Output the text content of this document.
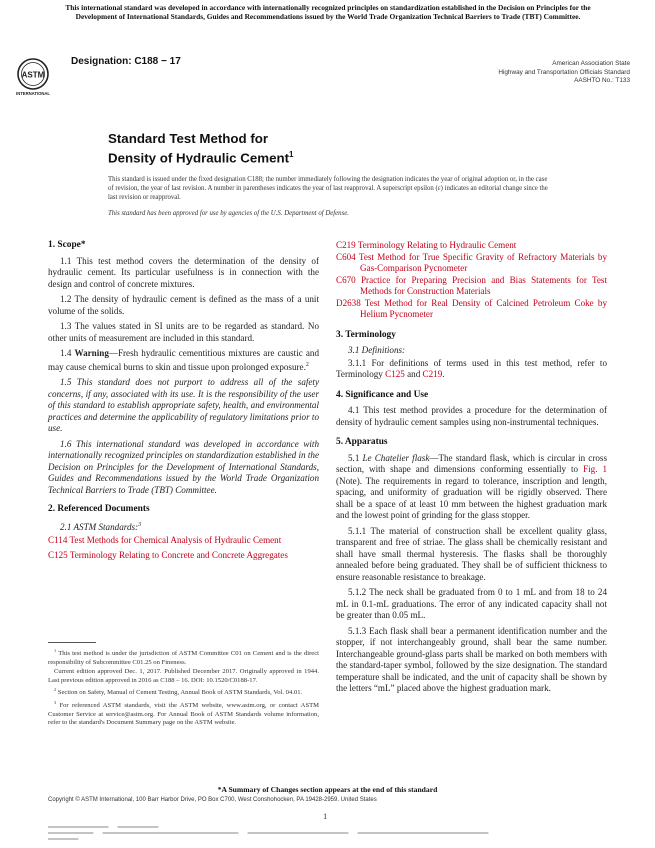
This international standard was developed in accordance with internationally recognized principles on standardization established in the Decision on Principles for the Development of International Standards, Guides and Recommendations issued by the World Trade Organization Technical Barriers to Trade (TBT) Committee.
ASTM
INTERNATIONAL
Designation: C188 − 17	American Association State
Highway and Transportation Officials Standard
AASHTO No.: T133
Standard Test Method for
Density of Hydraulic Cement$^1$
This standard is issued under the fixed designation C188; the number immediately following the designation indicates the year of original adoption or, in the case of revision, the year of last revision. A number in parentheses indicates the year of last reapproval. A superscript epsilon (ε) indicates an editorial change since the last revision or reapproval.
This standard has been approved for use by agencies of the U.S. Department of Defense.
1. Scope*

1.1 This test method covers the determination of the density of hydraulic cement. Its particular usefulness is in connection with the design and control of concrete mixtures.

1.2 The density of hydraulic cement is defined as the mass of a unit volume of the solids.

1.3 The values stated in SI units are to be regarded as standard. No other units of measurement are included in this standard.

1.4 Warning—Fresh hydraulic cementitious mixtures are caustic and may cause chemical burns to skin and tissue upon prolonged exposure.$^2$

1.5 This standard does not purport to address all of the safety concerns, if any, associated with its use. It is the responsibility of the user of this standard to establish appropriate safety, health, and environmental practices and determine the applicability of regulatory limitations prior to use.

1.6 This international standard was developed in accordance with internationally recognized principles on standardization established in the Decision on Principles for the Development of International Standards, Guides and Recommendations issued by the World Trade Organization Technical Barriers to Trade (TBT) Committee.

2. Referenced Documents

2.1 ASTM Standards:$^3$

C114 Test Methods for Chemical Analysis of Hydraulic Cement

C125 Terminology Relating to Concrete and Concrete Aggregates

$^1$ This test method is under the jurisdiction of ASTM Committee C01 on Cement and is the direct responsibility of Subcommittee C01.25 on Fineness.

Current edition approved Dec. 1, 2017. Published December 2017. Originally approved in 1944. Last previous edition approved in 2016 as C188 – 16. DOI: 10.1520/C0188-17.

$^2$ Section on Safety, Manual of Cement Testing, Annual Book of ASTM Standards, Vol. 04.01.

$^3$ For referenced ASTM standards, visit the ASTM website, www.astm.org, or contact ASTM Customer Service at service@astm.org. For Annual Book of ASTM Standards volume information, refer to the standard's Document Summary page on the ASTM website.

C219 Terminology Relating to Hydraulic Cement

C604 Test Method for True Specific Gravity of Refractory Materials by Gas-Comparison Pycnometer

C670 Practice for Preparing Precision and Bias Statements for Test Methods for Construction Materials

D2638 Test Method for Real Density of Calcined Petroleum Coke by Helium Pycnometer

3. Terminology

3.1 Definitions:

3.1.1 For definitions of terms used in this test method, refer to Terminology C125 and C219.

4. Significance and Use

4.1 This test method provides a procedure for the determination of density of hydraulic cement samples using non-instrumental techniques.

5. Apparatus

5.1 Le Chatelier flask—The standard flask, which is circular in cross section, with shape and dimensions conforming essentially to Fig. 1 (Note). The requirements in regard to tolerance, inscription and length, spacing, and uniformity of graduation will be rigidly observed. There shall be a space of at least 10 mm between the highest graduation mark and the lowest point of grinding for the glass stopper.

5.1.1 The material of construction shall be excellent quality glass, transparent and free of striae. The glass shall be chemically resistant and shall have small thermal hysteresis. The flasks shall be thoroughly annealed before being graduated. They shall be of sufficient thickness to ensure reasonable resistance to breakage.

5.1.2 The neck shall be graduated from 0 to 1 mL and from 18 to 24 mL in 0.1-mL graduations. The error of any indicated capacity shall not be greater than 0.05 mL.

5.1.3 Each flask shall bear a permanent identification number and the stopper, if not interchangeably ground, shall bear the same number. Interchangeable ground-glass parts shall be marked on both members with the standard-taper symbol, followed by the size designation. The standard temperature shall be indicated, and the unit of capacity shall be shown by the letters “mL” placed above the highest graduation mark.

*A Summary of Changes section appears at the end of this standard
Copyright © ASTM International, 100 Barr Harbor Drive, PO Box C700, West Conshohocken, PA 19428-2959. United States
1
